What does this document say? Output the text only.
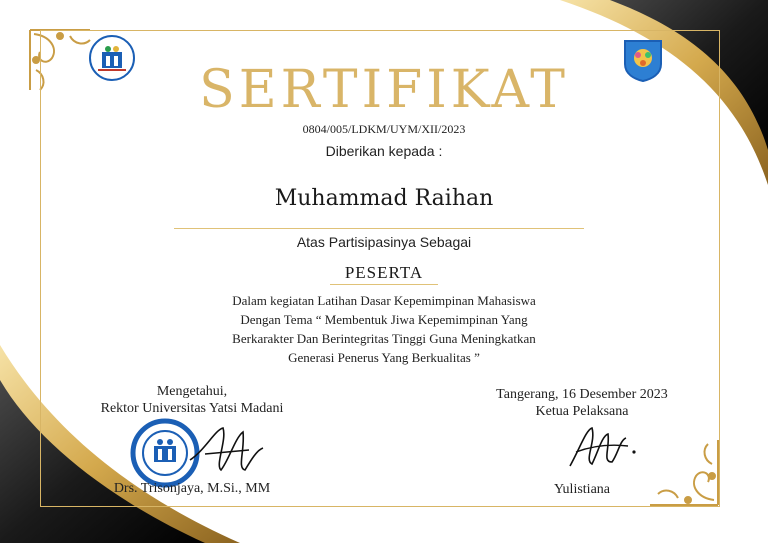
SERTIFIKAT
0804/005/LDKM/UYM/XII/2023
Diberikan kepada :
Muhammad Raihan
Atas Partisipasinya Sebagai
PESERTA
Dalam kegiatan Latihan Dasar Kepemimpinan Mahasiswa
Dengan Tema “ Membentuk Jiwa Kepemimpinan Yang
Berkarakter Dan Berintegritas Tinggi Guna Meningkatkan
Generasi Penerus Yang Berkualitas ”
Mengetahui,
Rektor Universitas Yatsi Madani
Drs. Trisonjaya, M.Si., MM
Tangerang, 16 Desember 2023
Ketua Pelaksana
Yulistiana
